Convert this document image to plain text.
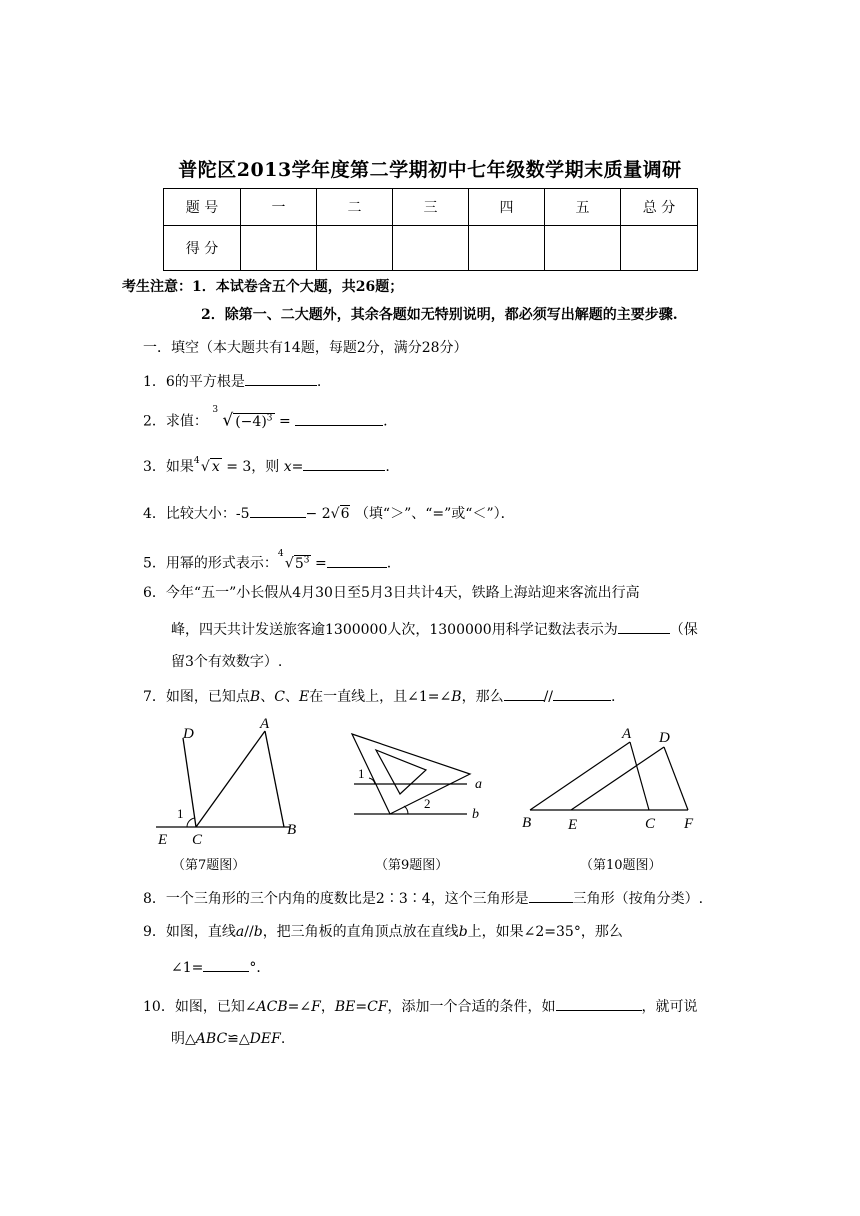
普陀区2013学年度第二学期初中七年级数学期末质量调研
题 号	一	二	三	四	五	总 分
得 分						
考生注意：1．本试卷含五个大题，共26题；
2．除第一、二大题外，其余各题如无特别说明，都必须写出解题的主要步骤.
一．填空（本大题共有14题，每题2分，满分28分）
1．6的平方根是	.
2．求值：
3
√ $(-4)^3$ =	.
3．如果 4 √ x = 3，则 x=	.
4．比较大小：-5	− 2√6 （填“＞”、“=”或“＜”）．
5．用幂的形式表示：
4
$√5^3$ =	.
6．今年“五一”小长假从4月30日至5月3日共计4天，铁路上海站迎来客流出行高
峰，四天共计发送旅客逾1300000人次，1300000用科学记数法表示为	（保
留3个有效数字）.
7．如图，已知点B、C、E在一直线上，且∠1=∠B，那么	//	.
D
A
1
E C
B
（第7题图）
1
2
a
b
（第9题图）
A D
B E	C F
（第10题图）
8．一个三角形的三个内角的度数比是2∶3∶4，这个三角形是	三角形（按角分类）.
9．如图，直线a//b，把三角板的直角顶点放在直线b上，如果∠2=35°，那么
∠1=	°．
10．如图，已知∠ACB=∠F，BE=CF，添加一个合适的条件，如	，就可说
明△ABC≌△DEF.
